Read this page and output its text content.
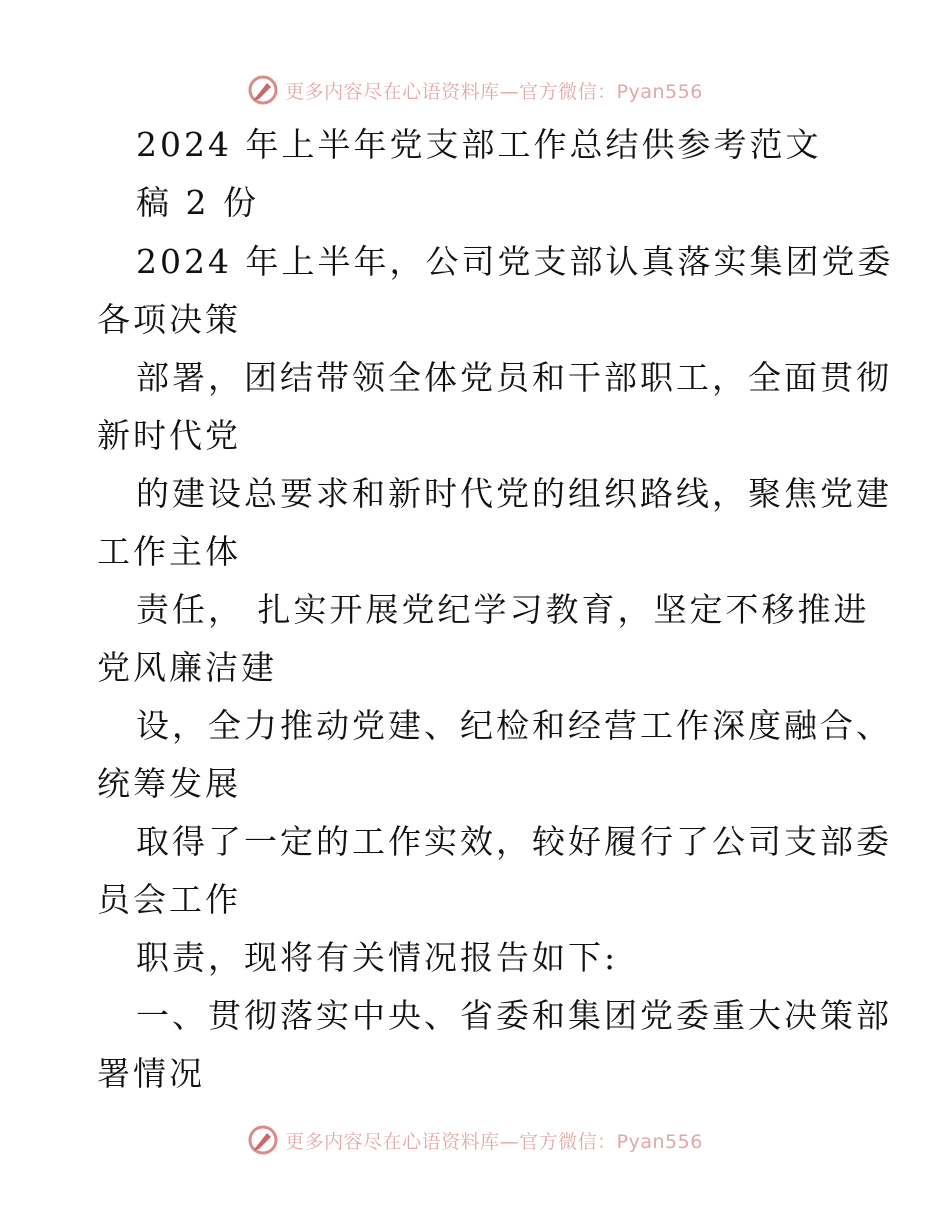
更多内容尽在心语资料库—官方微信：Pyan556
2024 年上半年党支部工作总结供参考范文
稿 2 份
2024 年上半年，公司党支部认真落实集团党委
各项决策
部署，团结带领全体党员和干部职工，全面贯彻
新时代党
的建设总要求和新时代党的组织路线，聚焦党建
工作主体
责任， 扎实开展党纪学习教育，坚定不移推进
党风廉洁建
设，全力推动党建、纪检和经营工作深度融合、
统筹发展
取得了一定的工作实效，较好履行了公司支部委
员会工作
职责，现将有关情况报告如下:
一、贯彻落实中央、省委和集团党委重大决策部
署情况
更多内容尽在心语资料库—官方微信：Pyan556
